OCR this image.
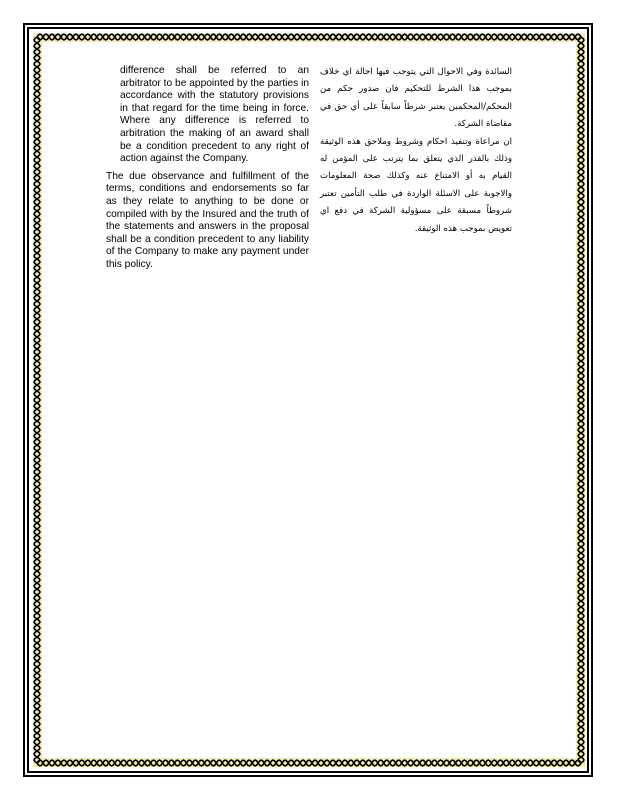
difference shall be referred to an arbitrator to be appointed by the parties in accordance with the statutory provisions in that regard for the time being in force. Where any difference is referred to arbitration the making of an award shall be a condition precedent to any right of action against the Company.

The due observance and fulfillment of the terms, conditions and endorsements so far as they relate to anything to be done or compiled with by the Insured and the truth of the statements and answers in the proposal shall be a condition precedent to any liability of the Company to make any payment under this policy.

السائدة وفي الاحوال التي يتوجب فيها احالة اي خلاف بموجب هذا الشرط للتحكيم فان صدور حكم من المحكم/المحكمين يعتبر شرطاً سابقاً على أي حق في مقاضاة الشركة.

ان مراعاة وتنفيذ احكام وشروط وملاحق هذه الوثيقة وذلك بالقدر الذي يتعلق بما يترتب على المؤمن له القيام به أو الامتناع عنه وكذلك صحة المعلومات والاجوبة على الاسئلة الواردة في طلب التأمين تعتبر شروطاً مسبقة على مسؤولية الشركة في دفع اي تعويض بموجب هذه الوثيقة.
